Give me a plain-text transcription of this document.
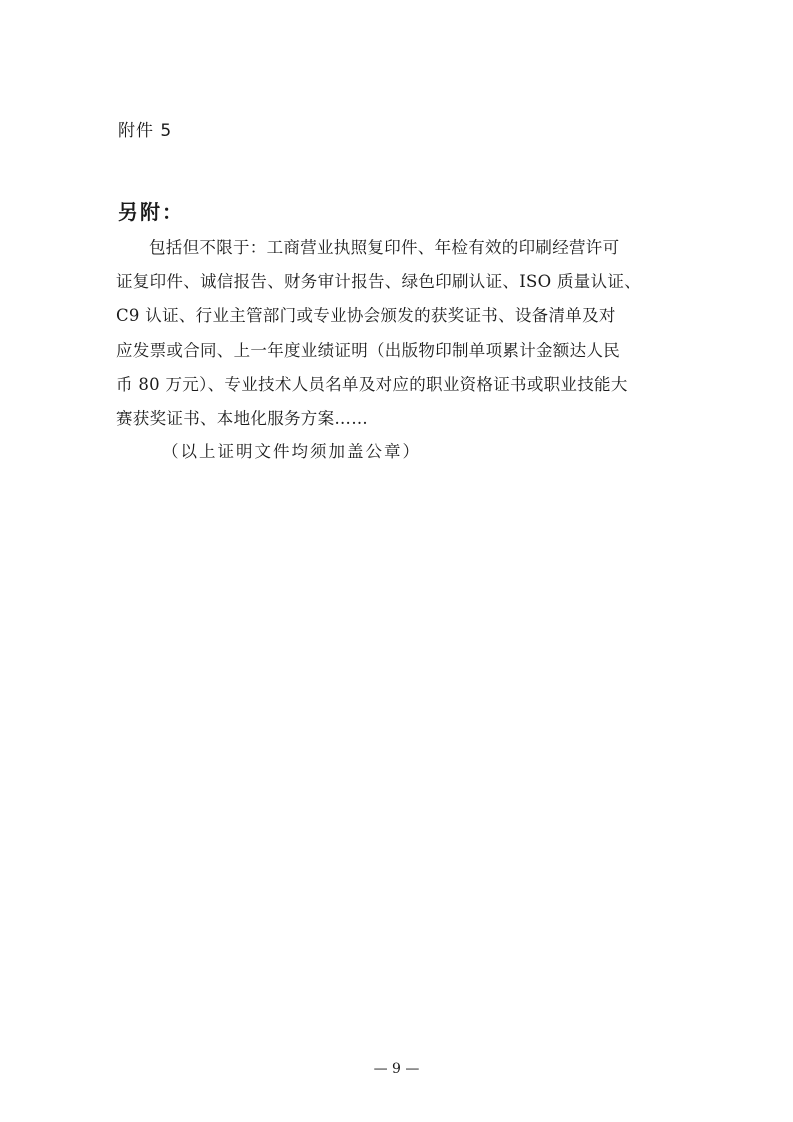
附件 5
另附：
包括但不限于：工商营业执照复印件、年检有效的印刷经营许可
证复印件、诚信报告、财务审计报告、绿色印刷认证、ISO 质量认证、
C9 认证、行业主管部门或专业协会颁发的获奖证书、设备清单及对
应发票或合同、上一年度业绩证明（出版物印制单项累计金额达人民
币 80 万元）、专业技术人员名单及对应的职业资格证书或职业技能大
赛获奖证书、本地化服务方案……
（以上证明文件均须加盖公章）
— 9 —
